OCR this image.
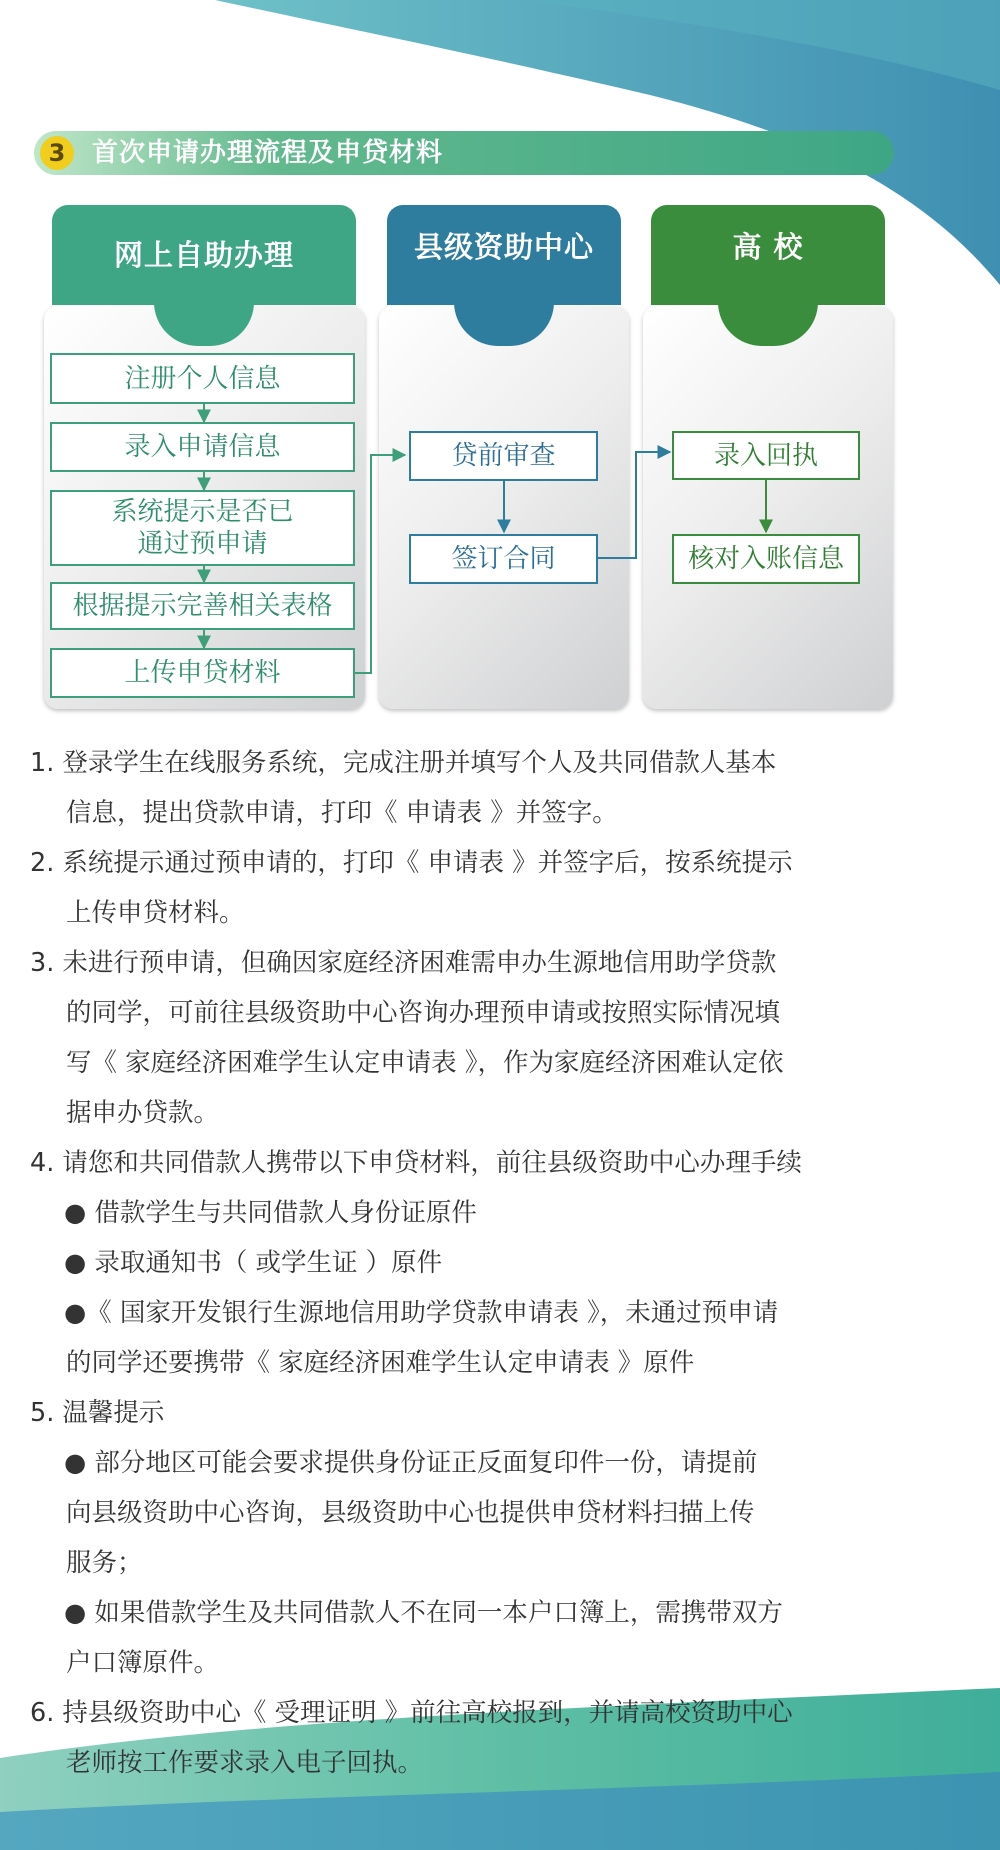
3	首次申请办理流程及申贷材料
网上自助办理	县级资助中心	高 校
注册个人信息
录入申请信息
系统提示是否已
通过预申请
根据提示完善相关表格
上传申贷材料
贷前审查
签订合同
录入回执
核对入账信息
1. 登录学生在线服务系统，完成注册并填写个人及共同借款人基本
信息，提出贷款申请，打印《 申请表 》并签字。
2. 系统提示通过预申请的，打印《 申请表 》并签字后，按系统提示
上传申贷材料。
3. 未进行预申请，但确因家庭经济困难需申办生源地信用助学贷款
的同学，可前往县级资助中心咨询办理预申请或按照实际情况填
写《 家庭经济困难学生认定申请表 》，作为家庭经济困难认定依
据申办贷款。
4. 请您和共同借款人携带以下申贷材料，前往县级资助中心办理手续
● 借款学生与共同借款人身份证原件
● 录取通知书（ 或学生证 ）原件
●《 国家开发银行生源地信用助学贷款申请表 》，未通过预申请
的同学还要携带《 家庭经济困难学生认定申请表 》原件
5. 温馨提示
● 部分地区可能会要求提供身份证正反面复印件一份，请提前
向县级资助中心咨询，县级资助中心也提供申贷材料扫描上传
服务；
● 如果借款学生及共同借款人不在同一本户口簿上，需携带双方
户口簿原件。
6. 持县级资助中心《 受理证明 》前往高校报到，并请高校资助中心
老师按工作要求录入电子回执。
